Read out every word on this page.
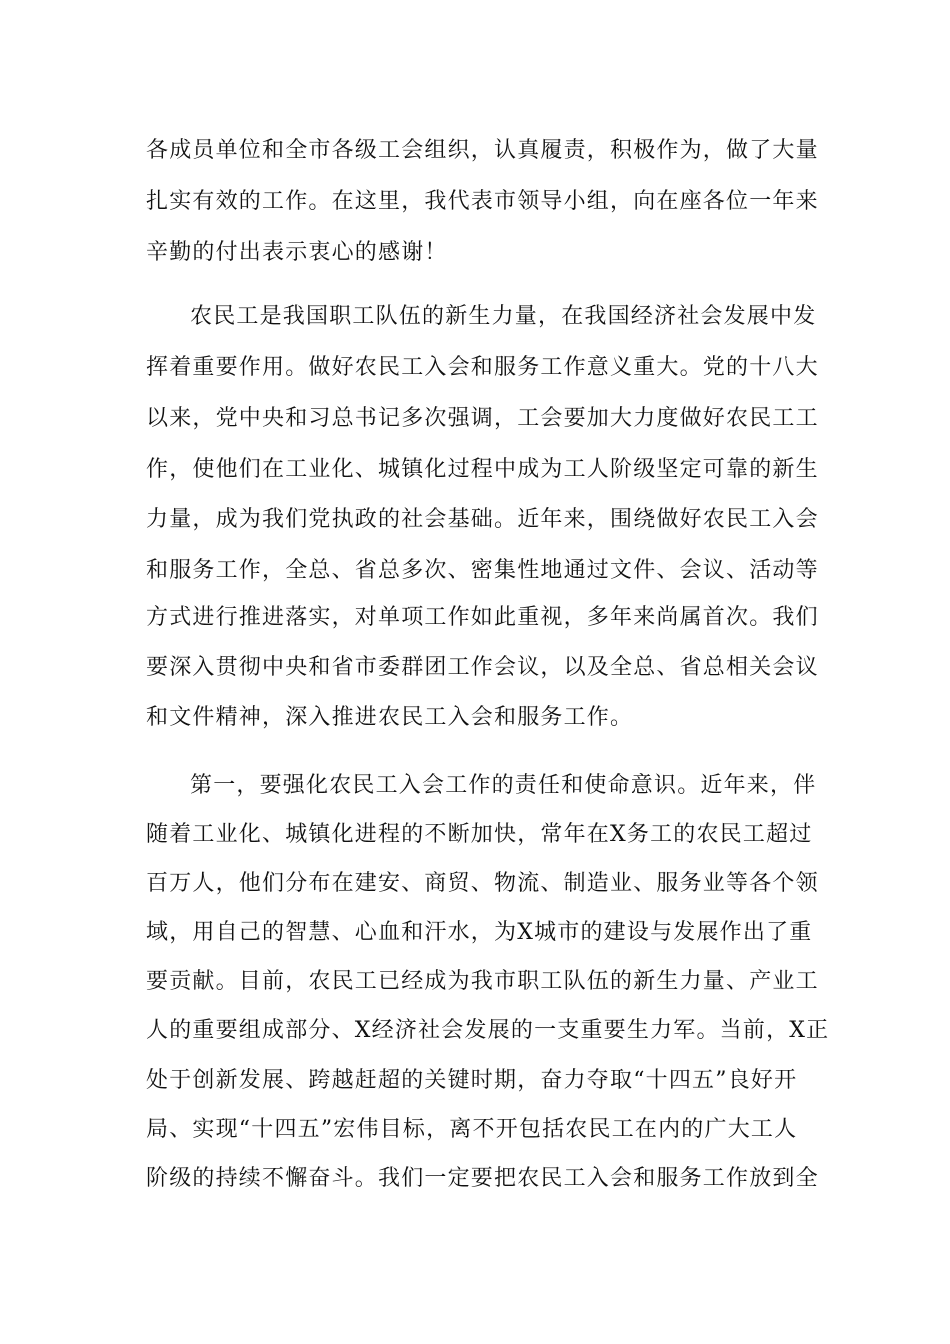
各成员单位和全市各级工会组织，认真履责，积极作为，做了大量
扎实有效的工作。在这里，我代表市领导小组，向在座各位一年来
辛勤的付出表示衷心的感谢！
农民工是我国职工队伍的新生力量，在我国经济社会发展中发
挥着重要作用。做好农民工入会和服务工作意义重大。党的十八大
以来，党中央和习总书记多次强调，工会要加大力度做好农民工工
作，使他们在工业化、城镇化过程中成为工人阶级坚定可靠的新生
力量，成为我们党执政的社会基础。近年来，围绕做好农民工入会
和服务工作，全总、省总多次、密集性地通过文件、会议、活动等
方式进行推进落实，对单项工作如此重视，多年来尚属首次。我们
要深入贯彻中央和省市委群团工作会议，以及全总、省总相关会议
和文件精神，深入推进农民工入会和服务工作。
第一，要强化农民工入会工作的责任和使命意识。近年来，伴
随着工业化、城镇化进程的不断加快，常年在X务工的农民工超过
百万人，他们分布在建安、商贸、物流、制造业、服务业等各个领
域，用自己的智慧、心血和汗水，为X城市的建设与发展作出了重
要贡献。目前，农民工已经成为我市职工队伍的新生力量、产业工
人的重要组成部分、X经济社会发展的一支重要生力军。当前，X正
处于创新发展、跨越赶超的关键时期，奋力夺取“十四五”良好开
局、实现“十四五”宏伟目标，离不开包括农民工在内的广大工人
阶级的持续不懈奋斗。我们一定要把农民工入会和服务工作放到全
